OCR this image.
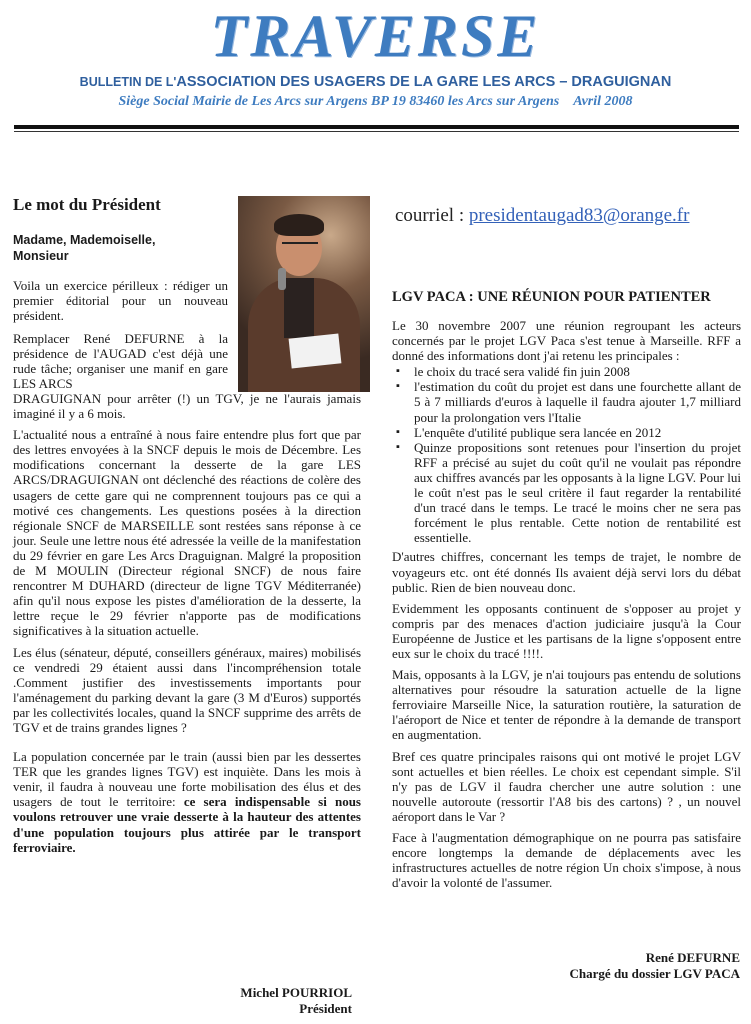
TRAVERSE
BULLETIN DE L'ASSOCIATION DES USAGERS DE LA GARE LES ARCS – DRAGUIGNAN
Siège Social Mairie de Les Arcs sur Argens BP 19 83460 les Arcs sur Argens Avril 2008
Le mot du Président
Madame, Mademoiselle,
Monsieur

Voila un exercice périlleux : rédiger un premier éditorial pour un nouveau président.

Remplacer René DEFURNE à la présidence de l'AUGAD c'est déjà une rude tâche; organiser une manif en gare LES ARCS

DRAGUIGNAN pour arrêter (!) un TGV, je ne l'aurais jamais imaginé il y a 6 mois.

L'actualité nous a entraîné à nous faire entendre plus fort que par des lettres envoyées à la SNCF depuis le mois de Décembre. Les modifications concernant la desserte de la gare LES ARCS/DRAGUIGNAN ont déclenché des réactions de colère des usagers de cette gare qui ne comprennent toujours pas ce qui a motivé ces changements. Les questions posées à la direction régionale SNCF de MARSEILLE sont restées sans réponse à ce jour. Seule une lettre nous été adressée la veille de la manifestation du 29 février en gare Les Arcs Draguignan. Malgré la proposition de M MOULIN (Directeur régional SNCF) de nous faire rencontrer M DUHARD (directeur de ligne TGV Méditerranée) afin qu'il nous expose les pistes d'amélioration de la desserte, la lettre reçue le 29 février n'apporte pas de modifications significatives à la situation actuelle.

Les élus (sénateur, député, conseillers généraux, maires) mobilisés ce vendredi 29 étaient aussi dans l'incompréhension totale .Comment justifier des investissements importants pour l'aménagement du parking devant la gare (3 M d'Euros) supportés par les collectivités locales, quand la SNCF supprime des arrêts de TGV et de trains grandes lignes ?

La population concernée par le train (aussi bien par les dessertes TER que les grandes lignes TGV) est inquiète. Dans les mois à venir, il faudra à nouveau une forte mobilisation des élus et des usagers de tout le territoire: ce sera indispensable si nous voulons retrouver une vraie desserte à la hauteur des attentes d'une population toujours plus attirée par le transport ferroviaire.

Michel POURRIOL
Président
courriel : presidentaugad83@orange.fr
LGV PACA : UNE RÉUNION POUR PATIENTER

Le 30 novembre 2007 une réunion regroupant les acteurs concernés par le projet LGV Paca s'est tenue à Marseille. RFF a donné des informations dont j'ai retenu les principales :

▪ le choix du tracé sera validé fin juin 2008
▪ l'estimation du coût du projet est dans une fourchette allant de 5 à 7 milliards d'euros à laquelle il faudra ajouter 1,7 milliard pour la prolongation vers l'Italie
▪ L'enquête d'utilité publique sera lancée en 2012
▪ Quinze propositions sont retenues pour l'insertion du projet RFF a précisé au sujet du coût qu'il ne voulait pas répondre aux chiffres avancés par les opposants à la ligne LGV. Pour lui le coût n'est pas le seul critère il faut regarder la rentabilité d'un tracé dans le temps. Le tracé le moins cher ne sera pas forcément le plus rentable. Cette notion de rentabilité est essentielle.

D'autres chiffres, concernant les temps de trajet, le nombre de voyageurs etc. ont été donnés Ils avaient déjà servi lors du débat public. Rien de bien nouveau donc.

Evidemment les opposants continuent de s'opposer au projet y compris par des menaces d'action judiciaire jusqu'à la Cour Européenne de Justice et les partisans de la ligne s'opposent entre eux sur le choix du tracé !!!!.

Mais, opposants à la LGV, je n'ai toujours pas entendu de solutions alternatives pour résoudre la saturation actuelle de la ligne ferroviaire Marseille Nice, la saturation routière, la saturation de l'aéroport de Nice et tenter de répondre à la demande de transport en augmentation.

Bref ces quatre principales raisons qui ont motivé le projet LGV sont actuelles et bien réelles. Le choix est cependant simple. S'il n'y pas de LGV il faudra chercher une autre solution : une nouvelle autoroute (ressortir l'A8 bis des cartons) ? , un nouvel aéroport dans le Var ?

Face à l'augmentation démographique on ne pourra pas satisfaire encore longtemps la demande de déplacements avec les infrastructures actuelles de notre région Un choix s'impose, à nous d'avoir la volonté de l'assumer.

René DEFURNE
Chargé du dossier LGV PACA
